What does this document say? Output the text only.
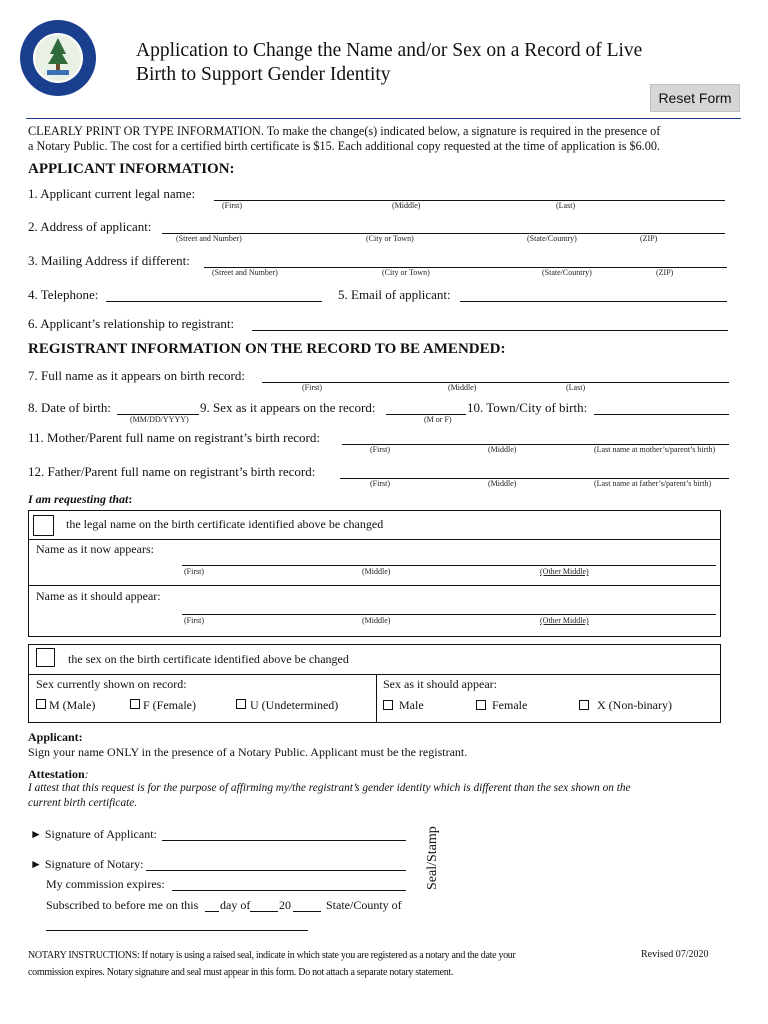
Application to Change the Name and/or Sex on a Record of Live
Birth to Support Gender Identity
Reset Form
CLEARLY PRINT OR TYPE INFORMATION. To make the change(s) indicated below, a signature is required in the presence of
a Notary Public. The cost for a certified birth certificate is $15. Each additional copy requested at the time of application is $6.00.
APPLICANT INFORMATION:
1. Applicant current legal name:
(First)	(Middle)	(Last)
2. Address of applicant:
(Street and Number)	(City or Town)	(State/Country)	(ZIP)
3. Mailing Address if different:
(Street and Number)	(City or Town)	(State/Country)	(ZIP)
4. Telephone:	5. Email of applicant:
6. Applicant’s relationship to registrant:
REGISTRANT INFORMATION ON THE RECORD TO BE AMENDED:
7. Full name as it appears on birth record:
(First)	(Middle)	(Last)
8. Date of birth:
(MM/DD/YYYY)
9. Sex as it appears on the record:
(M or F)
10. Town/City of birth:
11. Mother/Parent full name on registrant’s birth record:
(First)	(Middle)	(Last name at mother’s/parent’s birth)
12. Father/Parent full name on registrant’s birth record:
(First)	(Middle)	(Last name at father’s/parent’s birth)
I am requesting that:
the legal name on the birth certificate identified above be changed
Name as it now appears:
(First)	(Middle)	(Other Middle)
Name as it should appear:
(First)	(Middle)	(Other Middle)
the sex on the birth certificate identified above be changed
Sex currently shown on record:
M (Male)	F (Female)	U (Undetermined)
Sex as it should appear:
Male	Female	X (Non-binary)
Applicant:
Sign your name ONLY in the presence of a Notary Public. Applicant must be the registrant.
Attestation:
I attest that this request is for the purpose of affirming my/the registrant’s gender identity which is different than the sex shown on the
current birth certificate.
► Signature of Applicant:
► Signature of Notary:
My commission expires:
Subscribed to before me on this day of 20	State/County of
Seal/Stamp
NOTARY INSTRUCTIONS: If notary is using a raised seal, indicate in which state you are registered as a notary and the date your
commission expires. Notary signature and seal must appear in this form. Do not attach a separate notary statement.
Revised 07/2020
